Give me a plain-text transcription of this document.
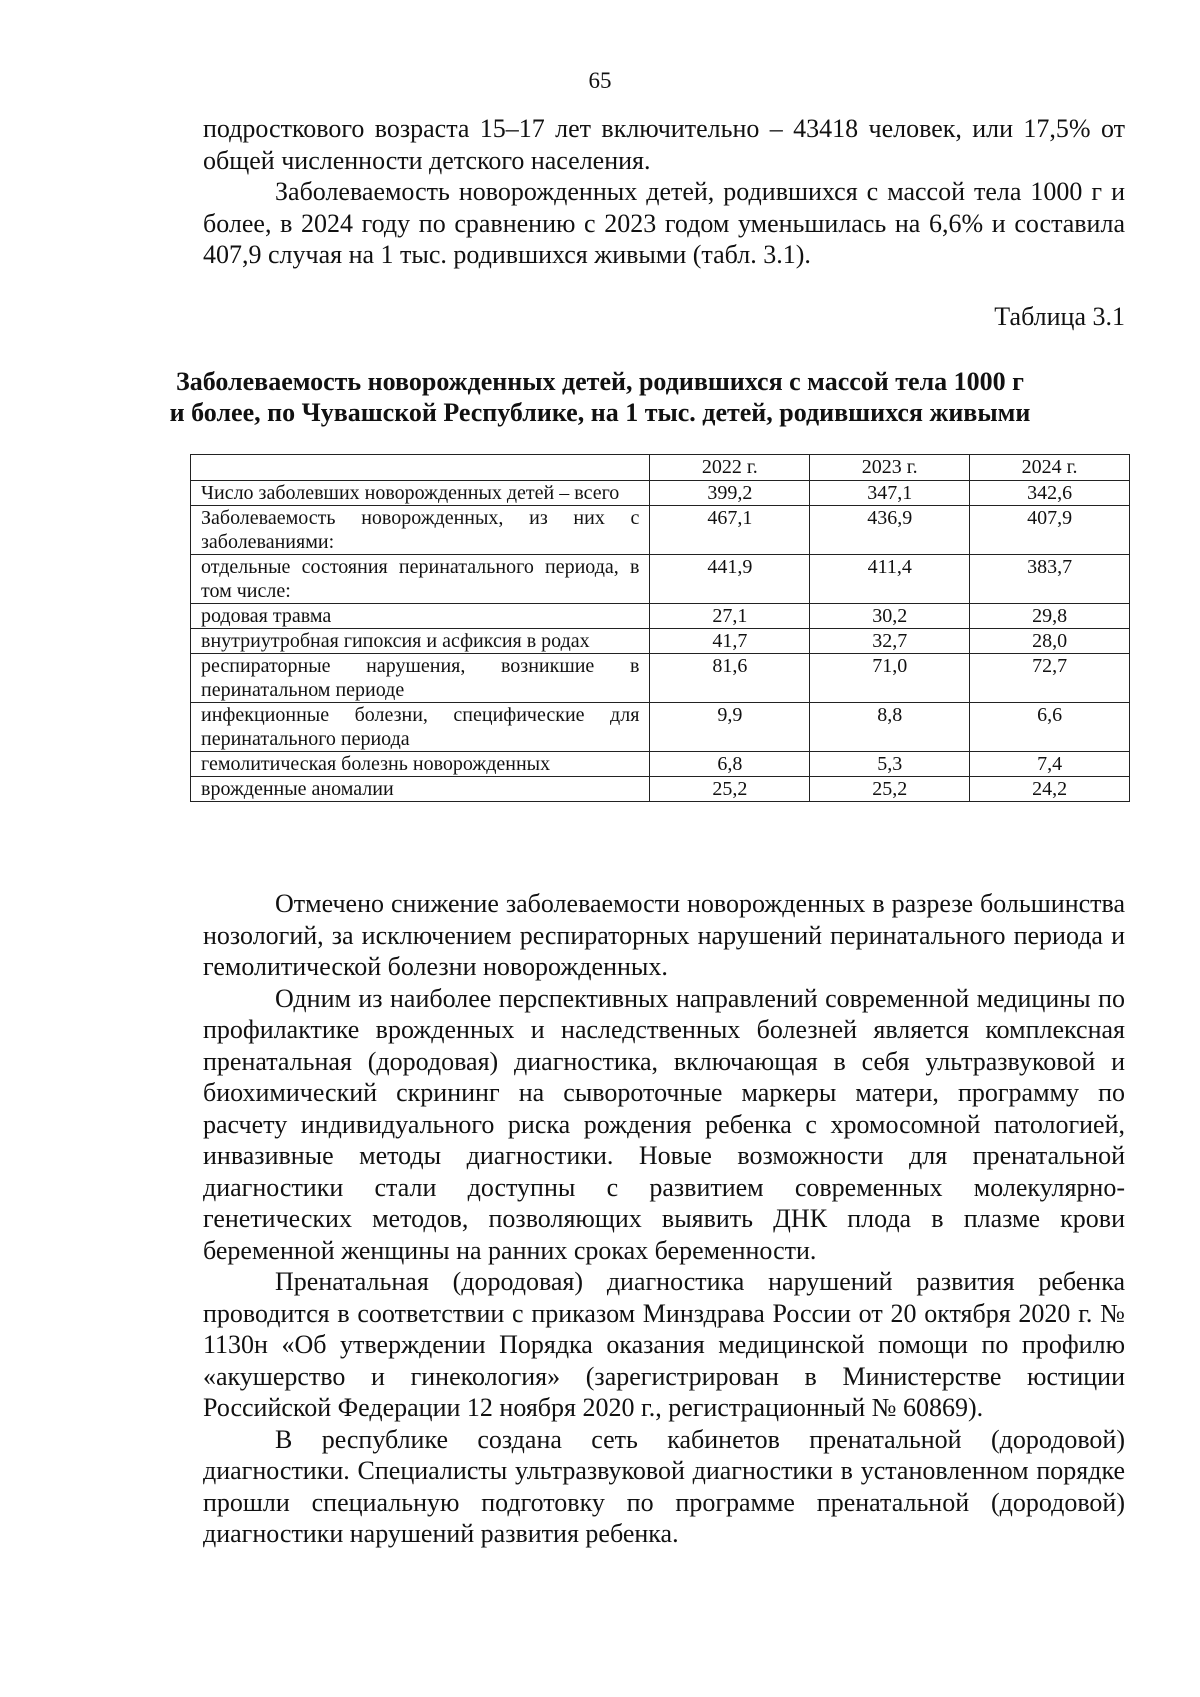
65

подросткового возраста 15–17 лет включительно – 43418 человек, или 17,5% от общей численности детского населения.

Заболеваемость новорожденных детей, родившихся с массой тела 1000 г и более, в 2024 году по сравнению с 2023 годом уменьшилась на 6,6% и составила 407,9 случая на 1 тыс. родившихся живыми (табл. 3.1).

Таблица 3.1
Заболеваемость новорожденных детей, родившихся с массой тела 1000 г
и более, по Чувашской Республике, на 1 тыс. детей, родившихся живыми
	2022 г.	2023 г.	2024 г.
Число заболевших новорожденных детей – всего	399,2	347,1	342,6
Заболеваемость новорожденных, из них с заболеваниями:	467,1	436,9	407,9
отдельные состояния перинатального периода, в том числе:	441,9	411,4	383,7
родовая травма	27,1	30,2	29,8
внутриутробная гипоксия и асфиксия в родах	41,7	32,7	28,0
респираторные нарушения, возникшие в перинатальном периоде	81,6	71,0	72,7
инфекционные болезни, специфические для перинатального периода	9,9	8,8	6,6
гемолитическая болезнь новорожденных	6,8	5,3	7,4
врожденные аномалии	25,2	25,2	24,2

Отмечено снижение заболеваемости новорожденных в разрезе большинства нозологий, за исключением респираторных нарушений перинатального периода и гемолитической болезни новорожденных.

Одним из наиболее перспективных направлений современной медицины по профилактике врожденных и наследственных болезней является комплексная пренатальная (дородовая) диагностика, включающая в себя ультразвуковой и биохимический скрининг на сывороточные маркеры матери, программу по расчету индивидуального риска рождения ребенка с хромосомной патологией, инвазивные методы диагностики. Новые возможности для пренатальной диагностики стали доступны с развитием современных молекулярно-генетических методов, позволяющих выявить ДНК плода в плазме крови беременной женщины на ранних сроках беременности.

Пренатальная (дородовая) диагностика нарушений развития ребенка проводится в соответствии с приказом Минздрава России от 20 октября 2020 г. № 1130н «Об утверждении Порядка оказания медицинской помощи по профилю «акушерство и гинекология» (зарегистрирован в Министерстве юстиции Российской Федерации 12 ноября 2020 г., регистрационный № 60869).

В республике создана сеть кабинетов пренатальной (дородовой) диагностики. Специалисты ультразвуковой диагностики в установленном порядке прошли специальную подготовку по программе пренатальной (дородовой) диагностики нарушений развития ребенка.
